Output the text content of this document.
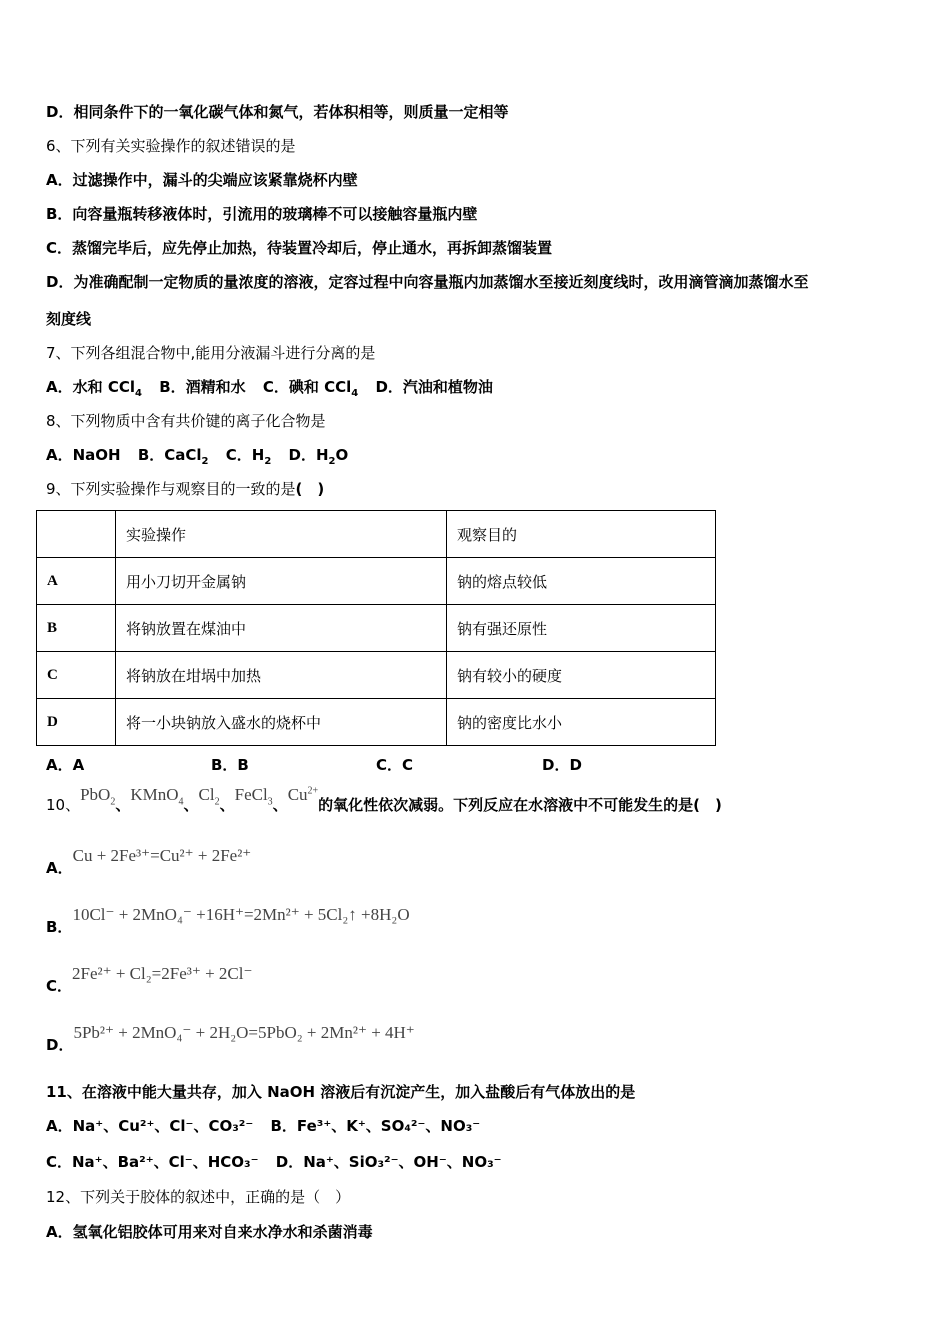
D．相同条件下的一氧化碳气体和氮气，若体积相等，则质量一定相等
6、下列有关实验操作的叙述错误的是
A．过滤操作中，漏斗的尖端应该紧靠烧杯内壁
B．向容量瓶转移液体时，引流用的玻璃棒不可以接触容量瓶内壁
C．蒸馏完毕后，应先停止加热，待装置冷却后，停止通水，再拆卸蒸馏装置
D．为准确配制一定物质的量浓度的溶液，定容过程中向容量瓶内加蒸馏水至接近刻度线时，改用滴管滴加蒸馏水至
刻度线
7、下列各组混合物中,能用分液漏斗进行分离的是
A．水和 CCl$_4$ B．酒精和水 C．碘和 CCl$_4$ D．汽油和植物油
8、下列物质中含有共价键的离子化合物是
A．NaOH B．CaCl$_2$ C．$H_2$ D．$H_2O$
9、下列实验操作与观察目的一致的是(　)
	实验操作	观察目的
A	用小刀切开金属钠	钠的熔点较低
B	将钠放置在煤油中	钠有强还原性
C	将钠放在坩埚中加热	钠有较小的硬度
D	将一小块钠放入盛水的烧杯中	钠的密度比水小
A．A	B．B	C．C	D．D
10、PbO$_2$、KMnO$_4$、$Cl_2$、FeCl$_3$、$Cu^{2+}$的氧化性依次减弱。下列反应在水溶液中不可能发生的是(　)
A．Cu + 2Fe³⁺=Cu²⁺ + 2Fe²⁺
B．10Cl⁻ + 2MnO₄⁻ +16H⁺=2Mn²⁺ + 5Cl₂↑ +8H₂O
C．2Fe²⁺ + Cl₂=2Fe³⁺ + 2Cl⁻
D．5Pb²⁺ + 2MnO₄⁻ + 2H₂O=5PbO₂ + 2Mn²⁺ + 4H⁺
11、在溶液中能大量共存，加入 NaOH 溶液后有沉淀产生，加入盐酸后有气体放出的是
A．Na⁺、Cu²⁺、Cl⁻、CO₃²⁻ B．Fe³⁺、K⁺、SO₄²⁻、NO₃⁻
C．Na⁺、Ba²⁺、Cl⁻、HCO₃⁻ D．Na⁺、SiO₃²⁻、OH⁻、NO₃⁻
12、下列关于胶体的叙述中，正确的是（　）
A．氢氧化铝胶体可用来对自来水净水和杀菌消毒
